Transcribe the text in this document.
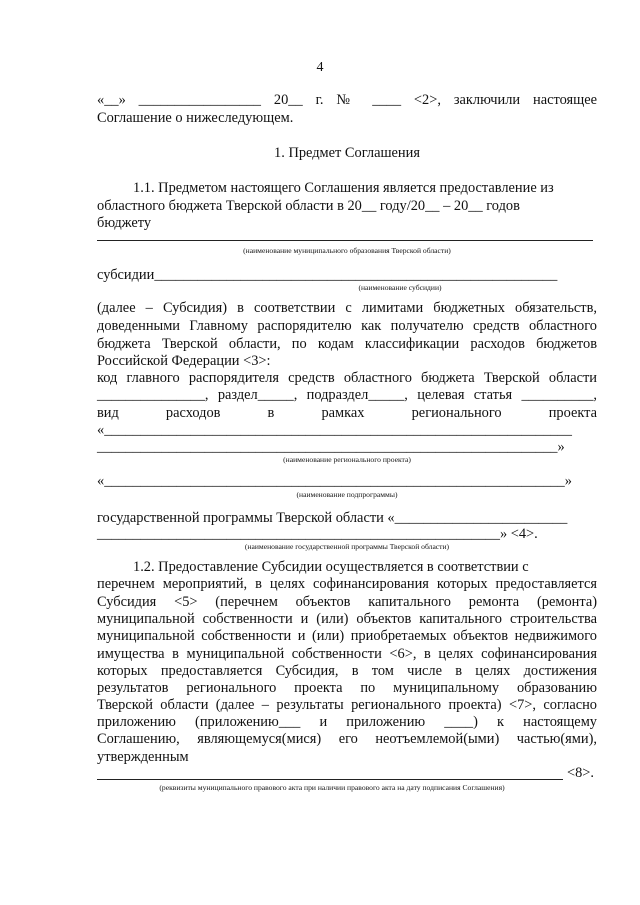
4
«__» _________________ 20__ г. № ____ <2>, заключили настоящее
Соглашение о нижеследующем.
1. Предмет Соглашения
1.1. Предметом настоящего Соглашения является предоставление из
областного бюджета Тверской области в 20__ году/20__ – 20__ годов
бюджету
(наименование муниципального образования Тверской области)
субсидии________________________________________________________
(наименование субсидии)
(далее – Субсидия) в соответствии с лимитами бюджетных обязательств,
доведенными Главному распорядителю как получателю средств областного
бюджета Тверской области, по кодам классификации расходов бюджетов
Российской Федерации <3>:
код главного распорядителя средств областного бюджета Тверской области
_______________, раздел_____, подраздел_____, целевая статья __________,
вид расходов в рамках регионального проекта
«_________________________________________________________________
________________________________________________________________»
(наименование регионального проекта)
«________________________________________________________________»
(наименование подпрограммы)
государственной программы Тверской области «________________________
________________________________________________________» <4>.
(наименование государственной программы Тверской области)
1.2. Предоставление Субсидии осуществляется в соответствии с
перечнем мероприятий, в целях софинансирования которых предоставляется
Субсидия <5> (перечнем объектов капитального ремонта (ремонта)
муниципальной собственности и (или) объектов капитального строительства
муниципальной собственности и (или) приобретаемых объектов недвижимого
имущества в муниципальной собственности <6>, в целях софинансирования
которых предоставляется Субсидия, в том числе в целях достижения
результатов регионального проекта по муниципальному образованию
Тверской области (далее – результаты регионального проекта) <7>, согласно
приложению (приложению___ и приложению ____) к настоящему
Соглашению, являющемуся(мися) его неотъемлемой(ыми) частью(ями),
утвержденным
<8>.
(реквизиты муниципального правового акта при наличии правового акта на дату подписания Соглашения)
